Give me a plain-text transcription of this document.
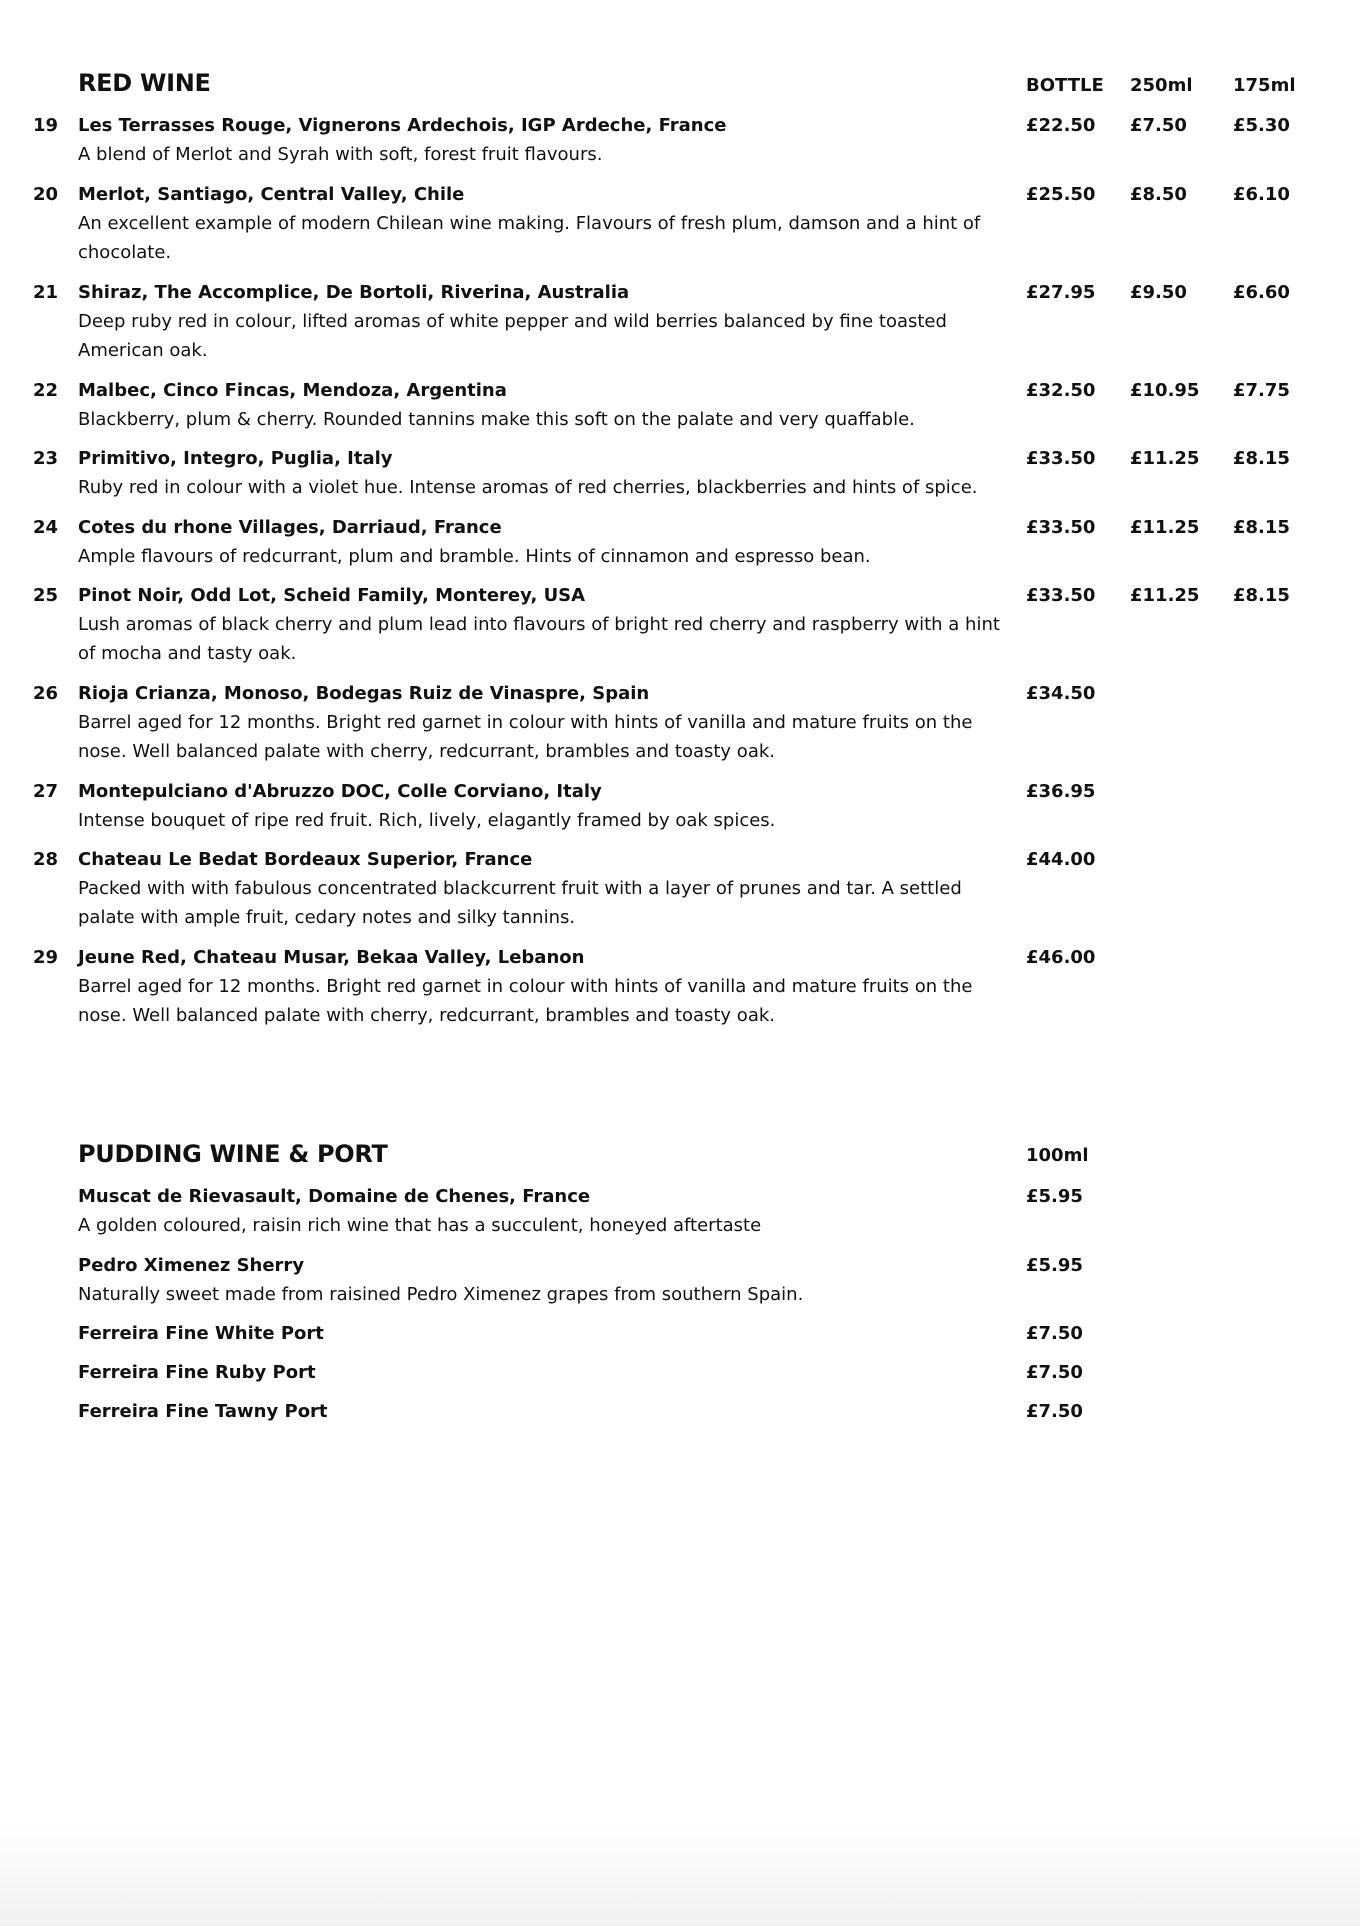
RED WINE	BOTTLE 250ml 175ml
19 Les Terrasses Rouge, Vignerons Ardechois, IGP Ardeche, France
A blend of Merlot and Syrah with soft, forest fruit flavours.
£22.50 £7.50	£5.30
20 Merlot, Santiago, Central Valley, Chile
An excellent example of modern Chilean wine making. Flavours of fresh plum, damson and a hint of chocolate.
£25.50 £8.50	£6.10
21 Shiraz, The Accomplice, De Bortoli, Riverina, Australia
Deep ruby red in colour, lifted aromas of white pepper and wild berries balanced by fine toasted American oak.
£27.95 £9.50	£6.60
22 Malbec, Cinco Fincas, Mendoza, Argentina
Blackberry, plum & cherry. Rounded tannins make this soft on the palate and very quaffable.
£32.50 £10.95 £7.75
23 Primitivo, Integro, Puglia, Italy
Ruby red in colour with a violet hue. Intense aromas of red cherries, blackberries and hints of spice.
£33.50 £11.25 £8.15
24 Cotes du rhone Villages, Darriaud, France
Ample flavours of redcurrant, plum and bramble. Hints of cinnamon and espresso bean.
£33.50 £11.25 £8.15
25 Pinot Noir, Odd Lot, Scheid Family, Monterey, USA
Lush aromas of black cherry and plum lead into flavours of bright red cherry and raspberry with a hint of mocha and tasty oak.
£33.50 £11.25 £8.15
26 Rioja Crianza, Monoso, Bodegas Ruiz de Vinaspre, Spain
Barrel aged for 12 months. Bright red garnet in colour with hints of vanilla and mature fruits on the nose. Well balanced palate with cherry, redcurrant, brambles and toasty oak.
£34.50
27 Montepulciano d'Abruzzo DOC, Colle Corviano, Italy
Intense bouquet of ripe red fruit. Rich, lively, elagantly framed by oak spices.
£36.95
28 Chateau Le Bedat Bordeaux Superior, France
Packed with with fabulous concentrated blackcurrent fruit with a layer of prunes and tar. A settled palate with ample fruit, cedary notes and silky tannins.
£44.00
29 Jeune Red, Chateau Musar, Bekaa Valley, Lebanon
Barrel aged for 12 months. Bright red garnet in colour with hints of vanilla and mature fruits on the nose. Well balanced palate with cherry, redcurrant, brambles and toasty oak.
£46.00
PUDDING WINE & PORT	100ml
Muscat de Rievasault, Domaine de Chenes, France
A golden coloured, raisin rich wine that has a succulent, honeyed aftertaste
£5.95
Pedro Ximenez Sherry
Naturally sweet made from raisined Pedro Ximenez grapes from southern Spain.
£5.95
Ferreira Fine White Port	£7.50
Ferreira Fine Ruby Port	£7.50
Ferreira Fine Tawny Port	£7.50
